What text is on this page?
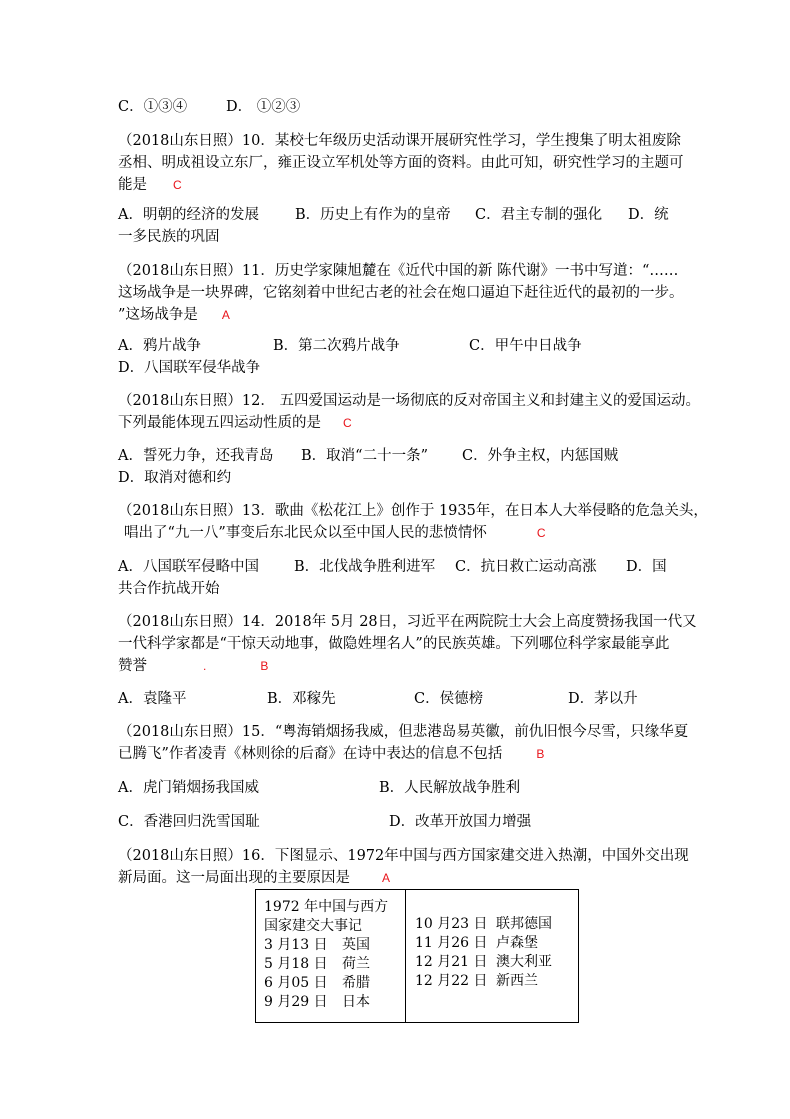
C．①③④	D． ①②③
（2018山东日照）10．某校七年级历史活动课开展研究性学习，学生搜集了明太祖废除
丞相、明成祖设立东厂，雍正设立军机处等方面的资料。由此可知，研究性学习的主题可
能是 C
A．明朝的经济的发展 B．历史上有作为的皇帝 C．君主专制的强化 D．统
一多民族的巩固
（2018山东日照）11．历史学家陳旭麓在《近代中国的新 陈代谢》一书中写道：“……
这场战争是一块界碑，它铭刻着中世纪古老的社会在炮口逼迫下赶往近代的最初的一步。
”这场战争是 A
A．鸦片战争	B．第二次鸦片战争	C．甲午中日战争
D．八国联军侵华战争
（2018山东日照）12． 五四爱国运动是一场彻底的反对帝国主义和封建主义的爱国运动。
下列最能体现五四运动性质的是 C
A．誓死力争，还我青岛 B．取消“二十一条” C．外争主权，内惩国贼
D．取消对德和约
（2018山东日照）13．歌曲《松花江上》创作于 1935年，在日本人大举侵略的危急关头，
唱出了“九一八”事变后东北民众以至中国人民的悲愤情怀	C
A．八国联军侵略中国 B．北伐战争胜利进军 C．抗日救亡运动高涨 D．国
共合作抗战开始
（2018山东日照）14．2018年 5月 28日，习近平在两院院士大会上高度赞扬我国一代又
一代科学家都是“干惊天动地事，做隐姓埋名人”的民族英雄。下列哪位科学家最能享此
赞誉	.	B
A．袁隆平	B．邓稼先	C．侯德榜	D．茅以升
（2018山东日照）15．“粤海销烟扬我威，但悲港岛易英徽，前仇旧恨今尽雪，只缘华夏
已腾飞”作者凌青《林则徐的后裔》在诗中表达的信息不包括	B
A．虎门销烟扬我国威	B．人民解放战争胜利
C．香港回归洗雪国耻	D．改革开放国力增强
（2018山东日照）16．下图显示、1972年中国与西方国家建交进入热潮，中国外交出现
新局面。这一局面出现的主要原因是	A
1972 年中国与西方
国家建交大事记
3 月13 日 英国
5 月18 日 荷兰
6 月05 日 希腊
9 月29 日 日本
10 月23 日 联邦德国
11 月26 日 卢森堡
12 月21 日 澳大利亚
12 月22 日 新西兰
